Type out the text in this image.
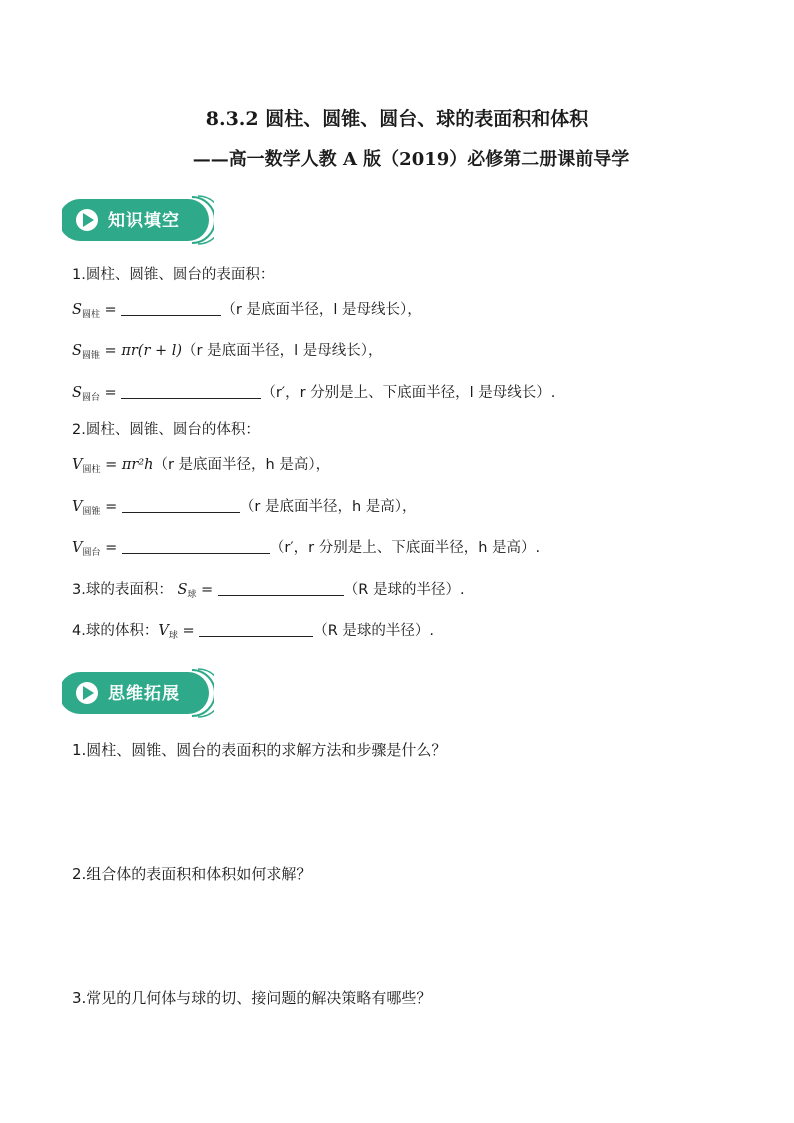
8.3.2 圆柱、圆锥、圆台、球的表面积和体积
——高一数学人教 A 版（2019）必修第二册课前导学
知识填空
1.圆柱、圆锥、圆台的表面积：
$S_{圆柱}$ =	（r 是底面半径，l 是母线长），
$S_{圆锥} = \pi r(r + l)(r$ 是底面半径，l 是母线长），
$S_{圆台}$ =	（r′，r 分别是上、下底面半径，l 是母线长）.
2.圆柱、圆锥、圆台的体积：
$V_{圆柱} = \pi r^2h(r$ 是底面半径，h 是高），
$V_{圆锥}$ =	（r 是底面半径，h 是高），
$V_{圆台}$ =	（r′，r 分别是上、下底面半径，h 是高）.
3.球的表面积： $S_球$ =	（R 是球的半径）.
4.球的体积：$V_球$ =	（R 是球的半径）.
思维拓展
1.圆柱、圆锥、圆台的表面积的求解方法和步骤是什么？
2.组合体的表面积和体积如何求解？
3.常见的几何体与球的切、接问题的解决策略有哪些？
